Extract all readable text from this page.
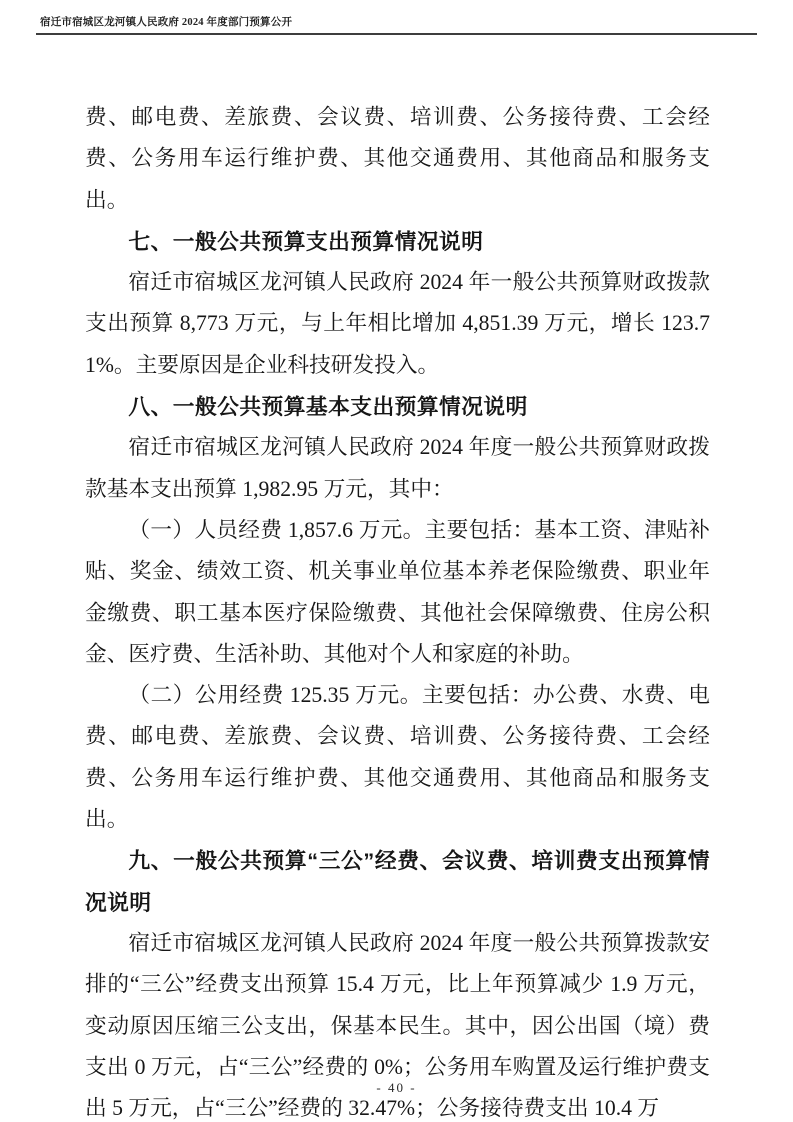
宿迁市宿城区龙河镇人民政府 2024 年度部门预算公开

费、邮电费、差旅费、会议费、培训费、公务接待费、工会经费、公务用车运行维护费、其他交通费用、其他商品和服务支出。

七、一般公共预算支出预算情况说明

宿迁市宿城区龙河镇人民政府 2024 年一般公共预算财政拨款支出预算 8,773 万元，与上年相比增加 4,851.39 万元，增长 123.71%。主要原因是企业科技研发投入。

八、一般公共预算基本支出预算情况说明

宿迁市宿城区龙河镇人民政府 2024 年度一般公共预算财政拨款基本支出预算 1,982.95 万元，其中：

（一）人员经费 1,857.6 万元。主要包括：基本工资、津贴补贴、奖金、绩效工资、机关事业单位基本养老保险缴费、职业年金缴费、职工基本医疗保险缴费、其他社会保障缴费、住房公积金、医疗费、生活补助、其他对个人和家庭的补助。

（二）公用经费 125.35 万元。主要包括：办公费、水费、电费、邮电费、差旅费、会议费、培训费、公务接待费、工会经费、公务用车运行维护费、其他交通费用、其他商品和服务支出。

九、一般公共预算“三公”经费、会议费、培训费支出预算情况说明

宿迁市宿城区龙河镇人民政府 2024 年度一般公共预算拨款安排的“三公”经费支出预算 15.4 万元，比上年预算减少 1.9 万元，变动原因压缩三公支出，保基本民生。其中，因公出国（境）费支出 0 万元，占“三公”经费的 0%；公务用车购置及运行维护费支出 5 万元，占“三公”经费的 32.47%；公务接待费支出 10.4 万

- 40 -
